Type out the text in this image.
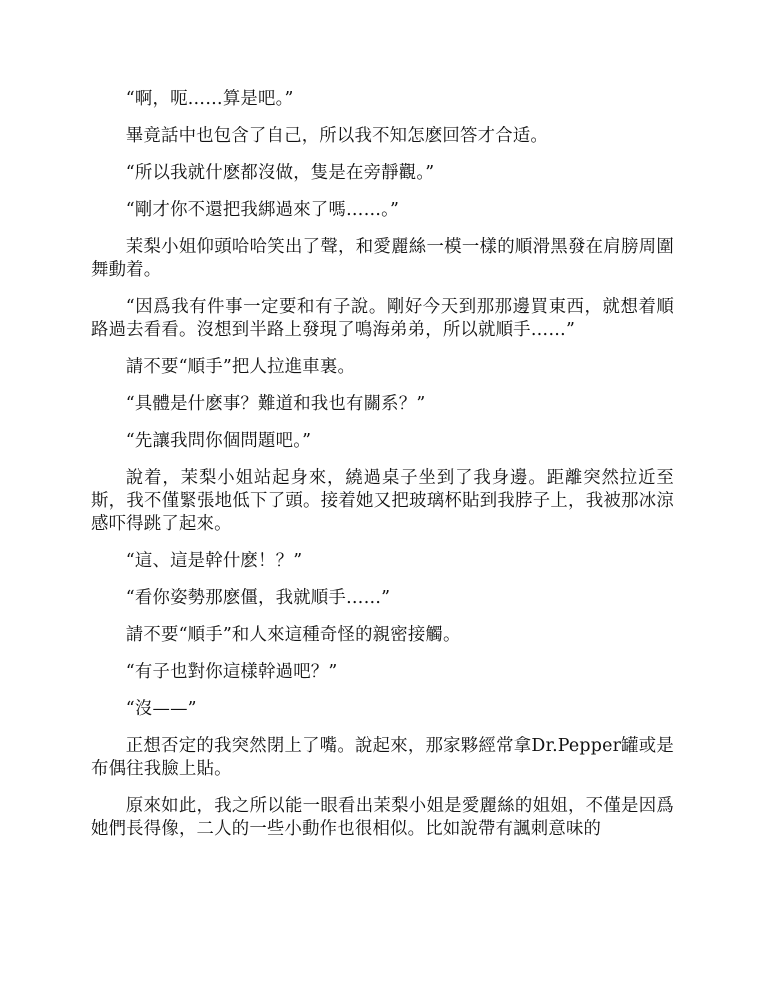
“啊，呃……算是吧。”

畢竟話中也包含了自己，所以我不知怎麽回答才合适。

“所以我就什麽都沒做，隻是在旁靜觀。”

“剛才你不還把我綁過來了嗎……。”

茉梨小姐仰頭哈哈笑出了聲，和愛麗絲一模一樣的順滑黑發在肩膀周圍舞動着。

“因爲我有件事一定要和有子說。剛好今天到那那邊買東西，就想着順路過去看看。沒想到半路上發現了鳴海弟弟，所以就順手……”

請不要“順手”把人拉進車裏。

“具體是什麽事？難道和我也有關系？”

“先讓我問你個問題吧。”

說着，茉梨小姐站起身來，繞過桌子坐到了我身邊。距離突然拉近至斯，我不僅緊張地低下了頭。接着她又把玻璃杯貼到我脖子上，我被那冰涼感吓得跳了起來。

“這、這是幹什麽！？”

“看你姿勢那麽僵，我就順手……”

請不要“順手”和人來這種奇怪的親密接觸。

“有子也對你這樣幹過吧？”

“沒——”

正想否定的我突然閉上了嘴。說起來，那家夥經常拿Dr.Pepper罐或是布偶往我臉上貼。

原來如此，我之所以能一眼看出茉梨小姐是愛麗絲的姐姐，不僅是因爲她們長得像，二人的一些小動作也很相似。比如說帶有諷刺意味的
